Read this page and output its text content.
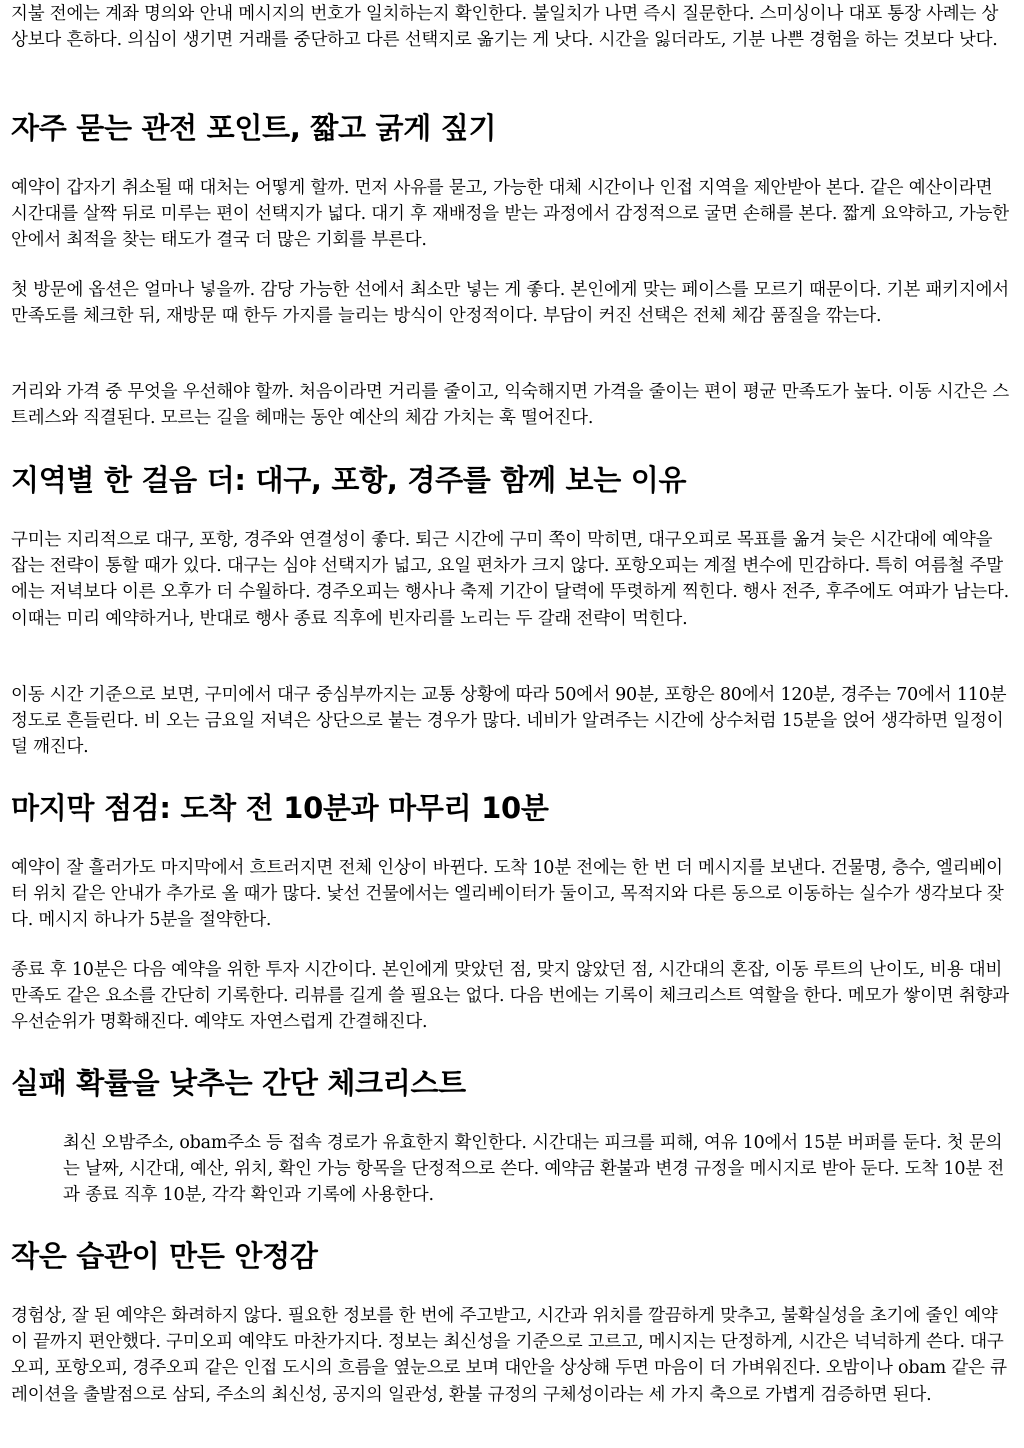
지불 전에는 계좌 명의와 안내 메시지의 번호가 일치하는지 확인한다. 불일치가 나면 즉시 질문한다. 스미싱이나 대포 통장 사례는 상상보다 흔하다. 의심이 생기면 거래를 중단하고 다른 선택지로 옮기는 게 낫다. 시간을 잃더라도, 기분 나쁜 경험을 하는 것보다 낫다.

자주 묻는 관전 포인트, 짧고 굵게 짚기

예약이 갑자기 취소될 때 대처는 어떻게 할까. 먼저 사유를 묻고, 가능한 대체 시간이나 인접 지역을 제안받아 본다. 같은 예산이라면 시간대를 살짝 뒤로 미루는 편이 선택지가 넓다. 대기 후 재배정을 받는 과정에서 감정적으로 굴면 손해를 본다. 짧게 요약하고, 가능한 안에서 최적을 찾는 태도가 결국 더 많은 기회를 부른다.

첫 방문에 옵션은 얼마나 넣을까. 감당 가능한 선에서 최소만 넣는 게 좋다. 본인에게 맞는 페이스를 모르기 때문이다. 기본 패키지에서 만족도를 체크한 뒤, 재방문 때 한두 가지를 늘리는 방식이 안정적이다. 부담이 커진 선택은 전체 체감 품질을 깎는다.

거리와 가격 중 무엇을 우선해야 할까. 처음이라면 거리를 줄이고, 익숙해지면 가격을 줄이는 편이 평균 만족도가 높다. 이동 시간은 스트레스와 직결된다. 모르는 길을 헤매는 동안 예산의 체감 가치는 훅 떨어진다.

지역별 한 걸음 더: 대구, 포항, 경주를 함께 보는 이유

구미는 지리적으로 대구, 포항, 경주와 연결성이 좋다. 퇴근 시간에 구미 쪽이 막히면, 대구오피로 목표를 옮겨 늦은 시간대에 예약을 잡는 전략이 통할 때가 있다. 대구는 심야 선택지가 넓고, 요일 편차가 크지 않다. 포항오피는 계절 변수에 민감하다. 특히 여름철 주말에는 저녁보다 이른 오후가 더 수월하다. 경주오피는 행사나 축제 기간이 달력에 뚜렷하게 찍힌다. 행사 전주, 후주에도 여파가 남는다. 이때는 미리 예약하거나, 반대로 행사 종료 직후에 빈자리를 노리는 두 갈래 전략이 먹힌다.

이동 시간 기준으로 보면, 구미에서 대구 중심부까지는 교통 상황에 따라 50에서 90분, 포항은 80에서 120분, 경주는 70에서 110분 정도로 흔들린다. 비 오는 금요일 저녁은 상단으로 붙는 경우가 많다. 네비가 알려주는 시간에 상수처럼 15분을 얹어 생각하면 일정이 덜 깨진다.

마지막 점검: 도착 전 10분과 마무리 10분

예약이 잘 흘러가도 마지막에서 흐트러지면 전체 인상이 바뀐다. 도착 10분 전에는 한 번 더 메시지를 보낸다. 건물명, 층수, 엘리베이터 위치 같은 안내가 추가로 올 때가 많다. 낯선 건물에서는 엘리베이터가 둘이고, 목적지와 다른 동으로 이동하는 실수가 생각보다 잦다. 메시지 하나가 5분을 절약한다.

종료 후 10분은 다음 예약을 위한 투자 시간이다. 본인에게 맞았던 점, 맞지 않았던 점, 시간대의 혼잡, 이동 루트의 난이도, 비용 대비 만족도 같은 요소를 간단히 기록한다. 리뷰를 길게 쓸 필요는 없다. 다음 번에는 기록이 체크리스트 역할을 한다. 메모가 쌓이면 취향과 우선순위가 명확해진다. 예약도 자연스럽게 간결해진다.

실패 확률을 낮추는 간단 체크리스트

최신 오밤주소, obam주소 등 접속 경로가 유효한지 확인한다. 시간대는 피크를 피해, 여유 10에서 15분 버퍼를 둔다. 첫 문의는 날짜, 시간대, 예산, 위치, 확인 가능 항목을 단정적으로 쓴다. 예약금 환불과 변경 규정을 메시지로 받아 둔다. 도착 10분 전과 종료 직후 10분, 각각 확인과 기록에 사용한다.

작은 습관이 만든 안정감

경험상, 잘 된 예약은 화려하지 않다. 필요한 정보를 한 번에 주고받고, 시간과 위치를 깔끔하게 맞추고, 불확실성을 초기에 줄인 예약이 끝까지 편안했다. 구미오피 예약도 마찬가지다. 정보는 최신성을 기준으로 고르고, 메시지는 단정하게, 시간은 넉넉하게 쓴다. 대구오피, 포항오피, 경주오피 같은 인접 도시의 흐름을 옆눈으로 보며 대안을 상상해 두면 마음이 더 가벼워진다. 오밤이나 obam 같은 큐레이션을 출발점으로 삼되, 주소의 최신성, 공지의 일관성, 환불 규정의 구체성이라는 세 가지 축으로 가볍게 검증하면 된다.
